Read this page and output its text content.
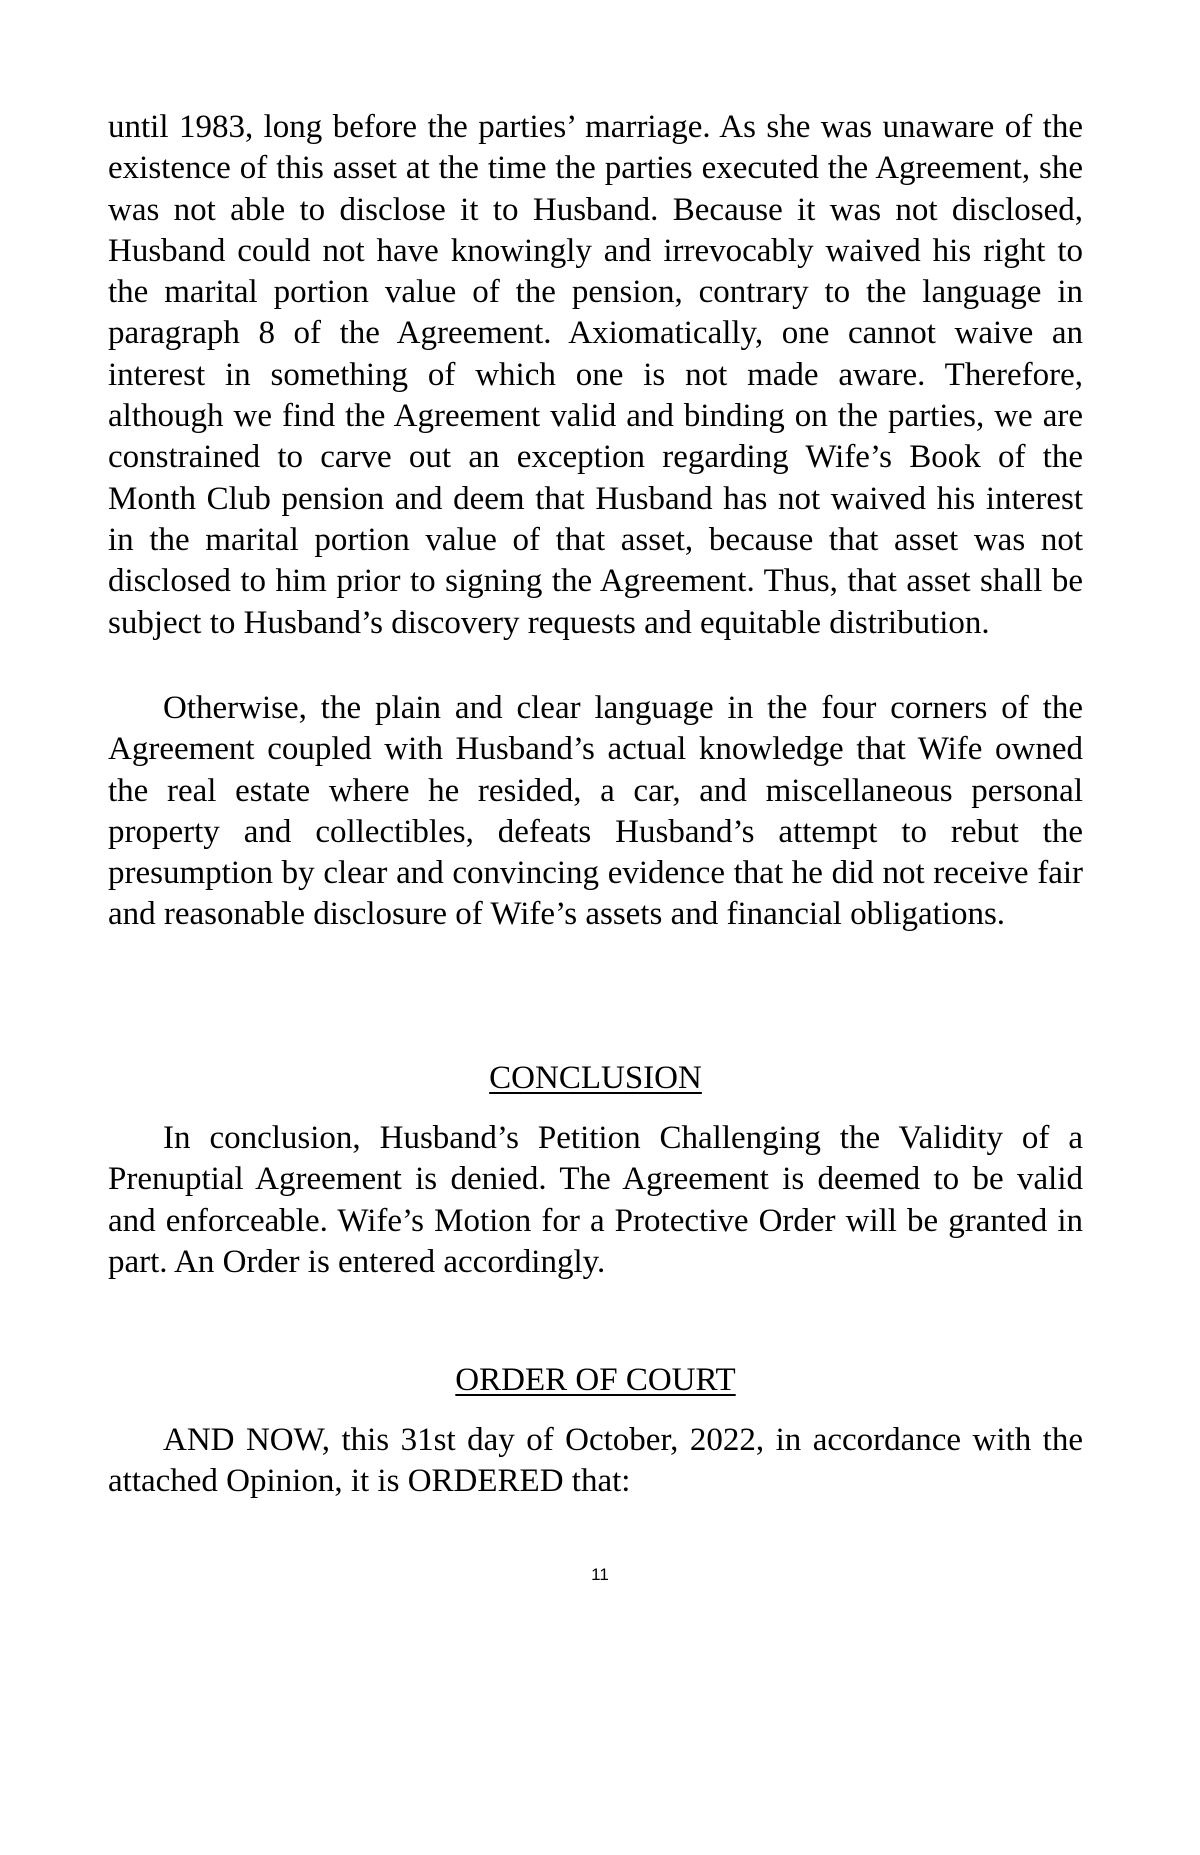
until 1983, long before the parties’ marriage. As she was unaware of the existence of this asset at the time the parties executed the Agreement, she was not able to disclose it to Husband. Because it was not disclosed, Husband could not have knowingly and irrevocably waived his right to the marital portion value of the pension, contrary to the language in paragraph 8 of the Agreement. Axiomatically, one cannot waive an interest in something of which one is not made aware. Therefore, although we find the Agreement valid and binding on the parties, we are constrained to carve out an exception regarding Wife’s Book of the Month Club pension and deem that Husband has not waived his interest in the marital portion value of that asset, because that asset was not disclosed to him prior to signing the Agreement. Thus, that asset shall be subject to Husband’s discovery requests and equitable distribution.

Otherwise, the plain and clear language in the four corners of the Agreement coupled with Husband’s actual knowledge that Wife owned the real estate where he resided, a car, and miscellaneous personal property and collectibles, defeats Husband’s attempt to rebut the presumption by clear and convincing evidence that he did not receive fair and reasonable disclosure of Wife’s assets and financial obligations.

CONCLUSION

In conclusion, Husband’s Petition Challenging the Validity of a Prenuptial Agreement is denied. The Agreement is deemed to be valid and enforceable. Wife’s Motion for a Protective Order will be granted in part. An Order is entered accordingly.

ORDER OF COURT

AND NOW, this 31st day of October, 2022, in accordance with the attached Opinion, it is ORDERED that:

11
